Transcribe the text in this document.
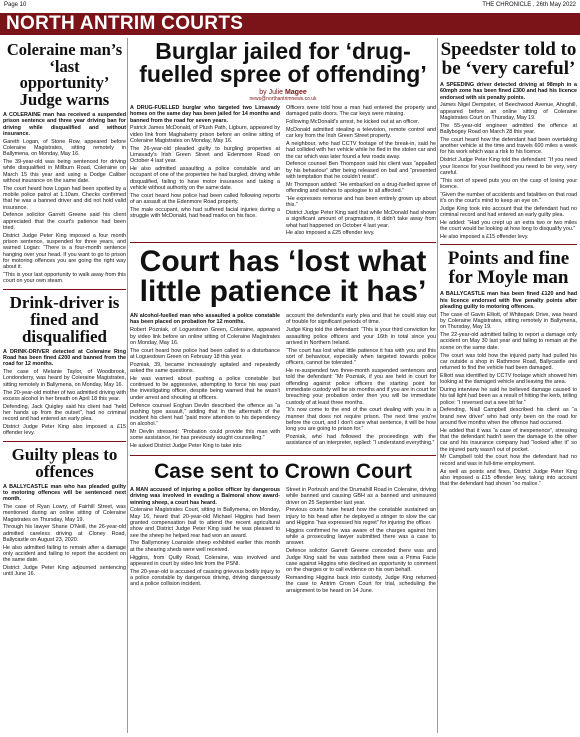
Page 10	THE CHRONICLE , 26th May 2022
NORTH ANTRIM COURTS
Coleraine man’s ‘last opportunity’ Judge warns

A COLERAINE man has received a suspended prison sentence and three year driving ban for driving while disqualified and without insurance.

Gareth Logan, of Stone Row, appeared before Coleraine Magistrates, sitting remotely in Ballymena, on Monday, May 16.

The 39-year-old was being sentenced for driving while disqualified in Millburn Road, Coleraine on March 15 this year and using a Dodge Caliber without insurance on the same date.

The court heard how Logan had been spotted by a mobile police patrol at 1.10am. Checks confirmed that he was a banned driver and did not hold valid insurance.

Defence solicitor Garrett Greene said his client appreciated that the court's patience had been tried.

District Judge Peter King imposed a four month prison sentence, suspended for three years, and warned Logan: “There is a four-month sentence hanging over your head. If you want to go to prison for motoring offences you are going the right way about it.

“This is your last opportunity to walk away from this court on your own steam.

Drink-driver is fined and disqualified

A DRINK-DRIVER detected at Coleraine Ring Road has been fined £200 and banned from the road for 12 months.

The case of Melanie Taylor, of Woodbrook, Londonderry, was heard by Coleraine Magistrates, sitting remotely in Ballymena, on Monday, May 16.

The 20-year-old mother of two admitted driving with excess alcohol in her breath on April 18 this year.

Defending, Jack Quigley said his client had “held her hands up from the outset”, had no criminal record and had entered an early plea.

District Judge Peter King also imposed a £15 offender levy.

Guilty pleas to offences

A BALLYCASTLE man who has pleaded guilty to motoring offences will be sentenced next month.

The case of Ryan Lowry, of Fairhill Street, was mentioned during an online sitting of Coleraine Magistrates on Thursday, May 19.

Through his lawyer Shane O'Neill, the 26-year-old admitted careless driving at Cloney Road, Ballycastle on August 23, 2020.

He also admitted failing to remain after a damage only accident and failing to report the accident on the same date.

District Judge Peter King adjourned sentencing until June 16.

Burglar jailed for ‘drug-fuelled spree of offending’
by Julie Magee
news@northantrimnews.co.uk

A DRUG-FUELLED burglar who targeted two Limavady homes on the same day has been jailed for 14 months and banned from the road for seven years.

Patrick James McDonald, of Plush Path, Ligburn, appeared by video link from Maghaberry prison before an online sitting of Coleraine Magistrates on Monday, May 16.

The 26-year-old pleaded guilty to burgling properties at Limavady's Irish Green Street and Edenmore Road on October 4 last year.

He also admitted assaulting a police constable and an occupant of one of the properties he had burgled, driving while disqualified, failing to have motor insurance and taking a vehicle without authority on the same date.

The court heard how police had been called following reports of an assault at the Edenmore Road property.

The male occupant, who had suffered facial injuries during a struggle with McDonald, had head marks on his face.

Officers were told how a man had entered the property and damaged patio doors. The car keys were missing.

Following McDonald's arrest, he kicked out at an officer.

McDonald admitted stealing a television, remote control and car key from the Irish Green Street property.

A neighbour, who had CCTV footage of the break-in, said he had collided with her vehicle while he fled in the stolen car and the car which was later found a few roads away.

Defence counsel Ben Thompson said his client was “appalled by his behaviour” after being released on bail and “presented with temptation that he couldn't resist”.

Mr Thompson added: “He embarked on a drug-fuelled spree of offending and wishes to apologise to all affected.”

“He expresses remorse and has been entirely grown up about this.”

District Judge Peter King said that while McDonald had shown a significant amount of pragmatism, it didn't take away from what had happened on October 4 last year.

He also imposed a £25 offender levy.

Court has ‘lost what little patience it has’

AN alcohol-fuelled man who assaulted a police constable has been placed on probation for 12 months.

Robert Pozniak, of Loguestown Green, Coleraine, appeared by video link before an online sitting of Coleraine Magistrates on Monday, May 16.

The court heard how police had been called to a disturbance at Loguestown Green on February 18 this year.

Pozniak, 39, became increasingly agitated and repeatedly asked the same questions.

He was warned about pushing a police constable but continued to be aggressive, attempting to force his way past the investigating officer, despite being warned that he wasn't under arrest and shouting at officers.

Defence counsel Eoghan Devlin described the offence as “a pushing type assault,” adding that in the aftermath of the incident his client had “paid more attention to his dependency on alcohol.”

Mr Devlin stressed: “Probation could provide this man with some assistance, he has previously sought counselling.”

He asked District Judge Peter King to take into

account the defendant's early plea and that he could stay out of trouble for significant periods of time.

Judge King told the defendant: “This is your third conviction for assaulting police officers and your 16th in total since you arrived in Northern Ireland.

“The court has lost what little patience it has with you and this sort of behaviour, especially when targeted towards police officers, cannot be tolerated.”

He re-suspended two three-month suspended sentences and told the defendant: “Mr Pozniak, if you are held in court for offending against police officers the starting point for immediate custody will be six months and if you are in court for breaching your probation order then you will be immediate custody of at least three months.

“It's now come to the end of the court dealing with you in a manner that does not require prison. The next time you're before the court, and I don't care what sentence, it will be how long you are going to prison for.”

Pozniak, who had followed the proceedings with the assistance of an interpreter, replied: “I understand everything.”

Case sent to Crown Court

A MAN accused of injuring a police officer by dangerous driving was involved in evading a Balmoral show award-winning sheep, a court has heard.

Coleraine Magistrates Court, sitting in Ballymena, on Monday, May 16, heard that 20-year-old Michael Higgins had been granted compensation bail to attend the recent agricultural show and District Judge Peter King said he was pleased to see the sheep he helped rear had won an award.

The Ballymoney Loanside sheep exhibited earlier this month at the shearing sheds were well received.

Higgins, from Quilly Road, Coleraine, was involved and appeared in court by video link from the PSNI.

The 20-year-old is accused of causing grievous bodily injury to a police constable by dangerous driving, driving dangerously and a police collision incident.

Street in Portrush and the Drumahill Road in Coleraine, driving while banned and causing GBH as a banned and uninsured driver on 25 September last year.

Previous courts have heard how the constable sustained an injury to his head after he deployed a stinger to slow the car and Higgins “has expressed his regret” for injuring the officer.

Higgins confirmed he was aware of the charges against him while a prosecuting lawyer submitted there was a case to answer.

Defence solicitor Garrett Greene conceded there was and Judge King said he was satisfied there was a Prima Facie case against Higgins who declined an opportunity to comment on the charges or to call evidence on his own behalf.

Remanding Higgins back into custody, Judge King returned the case to Antrim Crown Court for trial, scheduling the arraignment to be heard on 14 June.

Speedster told to be ‘very careful’

A SPEEDING driver detected driving at 98mph in a 60mph zone has been fined £300 and had his licence endorsed with six penalty points.

James Nigel Dempster, of Beechwood Avenue, Ahoghill, appeared before an online sitting of Coleraine Magistrates Court on Thursday, May 19.

The 55-year-old engineer admitted the offence at Ballybogey Road on March 28 this year.

The court heard how the defendant had been overtaking another vehicle at the time and travels 600 miles a week for his work which was a risk to his licence.

District Judge Peter King told the defendant: “If you need your licence for your livelihood you need to be very, very careful.

“This sort of speed puts you on the cusp of losing your licence.

“Given the number of accidents and fatalities on that road it's on the court's mind to keep an eye on.”

Judge King took into account that the defendant had no criminal record and had entered an early guilty plea.

He added: “Had you crept up an extra two or two miles the court would be looking at how long to disqualify you.”

He also imposed a £15 offender levy.

Points and fine for Moyle man

A BALLYCASTLE man has been fined £120 and had his licence endorsed with five penalty points after pleading guilty to motoring offences.

The case of Gavin Elliott, of Whitepark Drive, was heard by Coleraine Magistrates, sitting remotely in Ballymena, on Thursday, May 19.

The 22-year-old admitted failing to report a damage only accident on May 30 last year and failing to remain at the scene on the same date.

The court was told how the injured party had pulled his car outside a shop in Rathmore Road, Ballycastle and returned to find the vehicle had been damaged.

Elliott was identified by CCTV footage which showed him looking at the damaged vehicle and leaving the area.

During interview he said he believed damage caused to his tail light had been as a result of hitting the kerb, telling police: “I reversed out a wee bit far.”

Defending, Niall Campbell described his client as “a brand new driver” who had only been on the road for around five months when the offence had occurred.

He added that it was “a case of inexperience”, stressing that the defendant hadn't seen the damage to the other car and his insurance company had “looked after it” so the injured party wasn't out of pocket.

Mr Campbell told the court how the defendant had no record and was in full-time employment.

As well as points and fines, District Judge Peter King also imposed a £15 offender levy, taking into account that the defendant had shown “no malice.”
